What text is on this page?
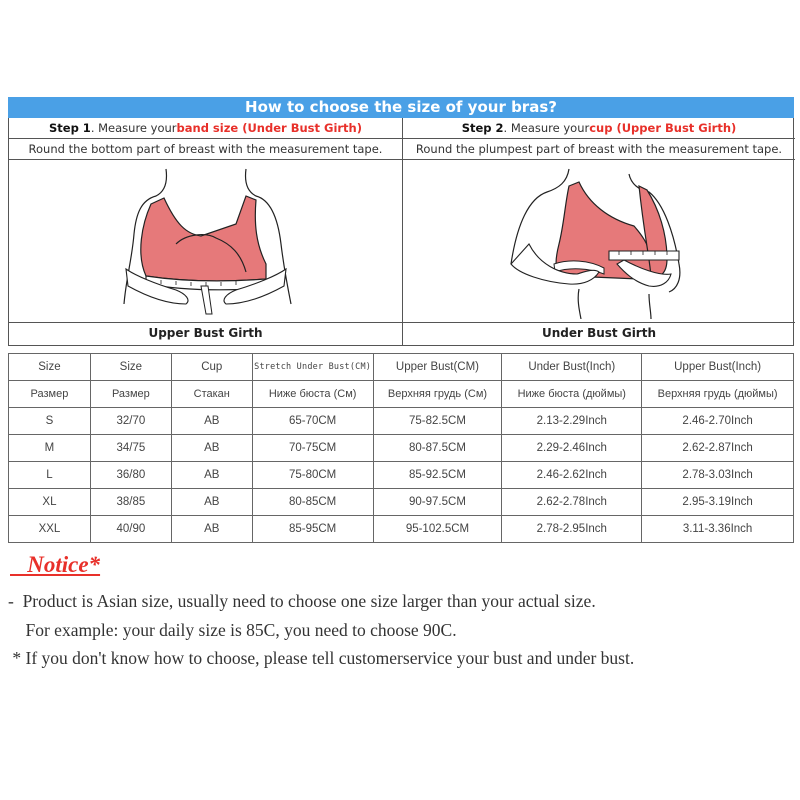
How to choose the size of your bras?
Step 1. Measure yourband size (Under Bust Girth)	Step 2. Measure yourcup (Upper Bust Girth)
Round the bottom part of breast with the measurement tape.	Round the plumpest part of breast with the measurement tape.
Upper Bust Girth	Under Bust Girth
Size	Size	Cup	Stretch Under Bust(CM)	Upper Bust(CM)	Under Bust(Inch)	Upper Bust(Inch)
Размер	Размер	Стакан	Ниже бюста (См)	Верхняя грудь (См)	Ниже бюста (дюймы)	Верхняя грудь (дюймы)
S	32/70	AB	65-70CM	75-82.5CM	2.13-2.29Inch	2.46-2.70Inch
M	34/75	AB	70-75CM	80-87.5CM	2.29-2.46Inch	2.62-2.87Inch
L	36/80	AB	75-80CM	85-92.5CM	2.46-2.62Inch	2.78-3.03Inch
XL	38/85	AB	80-85CM	90-97.5CM	2.62-2.78Inch	2.95-3.19Inch
XXL	40/90	AB	85-95CM	95-102.5CM	2.78-2.95Inch	3.11-3.36Inch
Notice*
-  Product is Asian size, usually need to choose one size larger than your actual size.
For example: your daily size is 85C, you need to choose 90C.
* If you don't know how to choose, please tell customerservice your bust and under bust.
